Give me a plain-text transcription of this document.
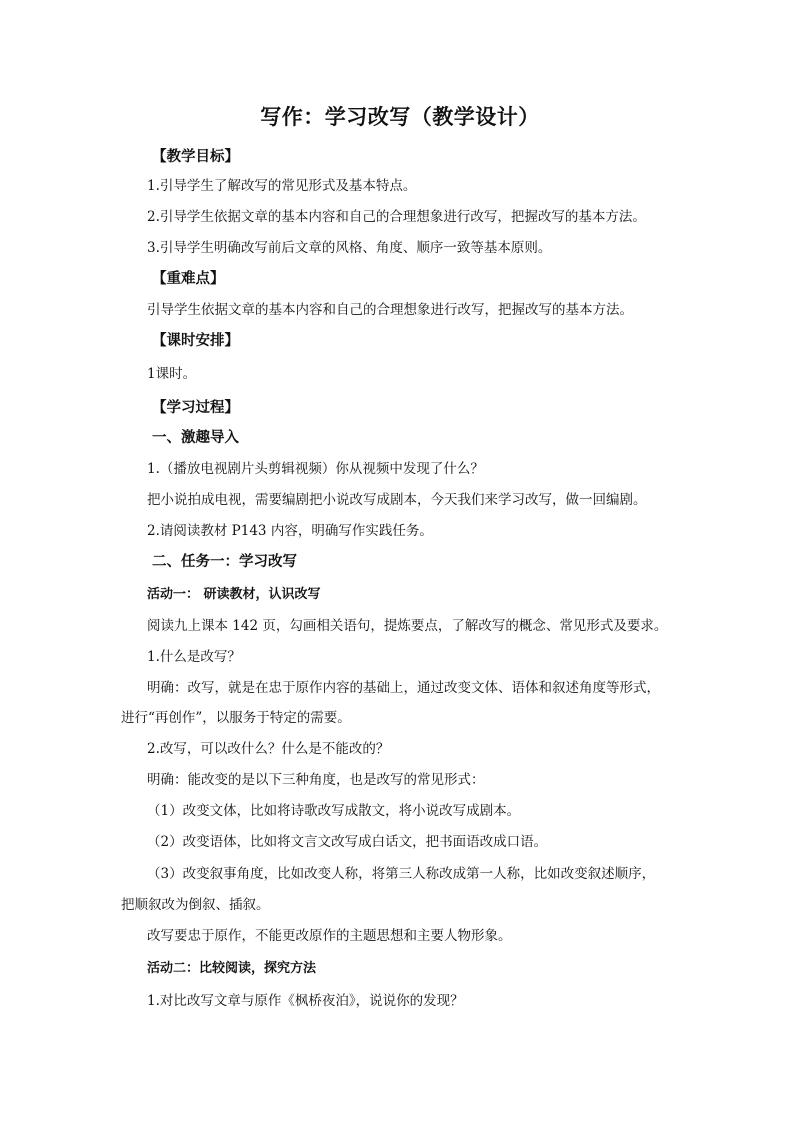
写作：学习改写（教学设计）
【教学目标】
1.引导学生了解改写的常见形式及基本特点。
2.引导学生依据文章的基本内容和自己的合理想象进行改写，把握改写的基本方法。
3.引导学生明确改写前后文章的风格、角度、顺序一致等基本原则。
【重难点】
引导学生依据文章的基本内容和自己的合理想象进行改写，把握改写的基本方法。
【课时安排】
1课时。
【学习过程】
一、激趣导入
1.（播放电视剧片头剪辑视频）你从视频中发现了什么？
把小说拍成电视，需要编剧把小说改写成剧本，今天我们来学习改写，做一回编剧。
2.请阅读教材 P143 内容，明确写作实践任务。
二、任务一：学习改写
活动一： 研读教材，认识改写
阅读九上课本 142 页，勾画相关语句，提炼要点，了解改写的概念、常见形式及要求。
1.什么是改写？
明确：改写，就是在忠于原作内容的基础上，通过改变文体、语体和叙述角度等形式，
进行“再创作”，以服务于特定的需要。
2.改写，可以改什么？什么是不能改的？
明确：能改变的是以下三种角度，也是改写的常见形式：
（1）改变文体，比如将诗歌改写成散文，将小说改写成剧本。
（2）改变语体，比如将文言文改写成白话文，把书面语改成口语。
（3）改变叙事角度，比如改变人称，将第三人称改成第一人称，比如改变叙述顺序，
把顺叙改为倒叙、插叙。
改写要忠于原作，不能更改原作的主题思想和主要人物形象。
活动二：比较阅读，探究方法
1.对比改写文章与原作《枫桥夜泊》，说说你的发现？
